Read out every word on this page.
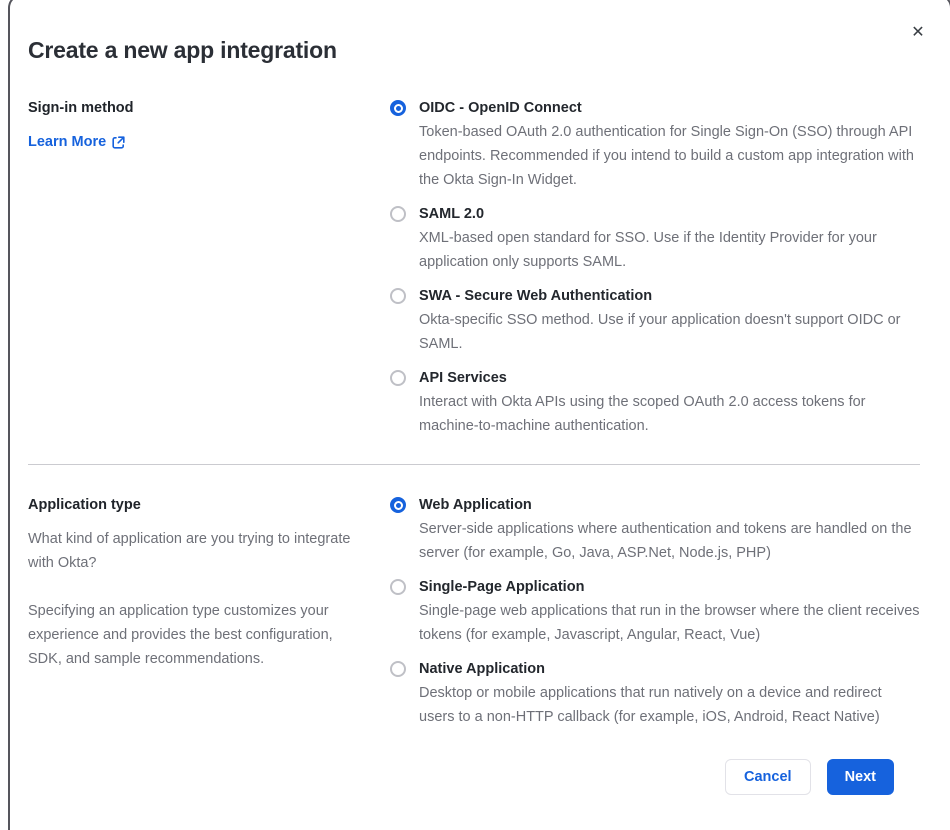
✕
Create a new app integration
Sign-in method
Learn More
OIDC - OpenID Connect
Token-based OAuth 2.0 authentication for Single Sign-On (SSO) through API endpoints. Recommended if you intend to build a custom app integration with the Okta Sign-In Widget.
SAML 2.0
XML-based open standard for SSO. Use if the Identity Provider for your application only supports SAML.
SWA - Secure Web Authentication
Okta-specific SSO method. Use if your application doesn't support OIDC or SAML.
API Services
Interact with Okta APIs using the scoped OAuth 2.0 access tokens for machine-to-machine authentication.
Application type

What kind of application are you trying to integrate with Okta?

Specifying an application type customizes your experience and provides the best configuration, SDK, and sample recommendations.

Web Application
Server-side applications where authentication and tokens are handled on the server (for example, Go, Java, ASP.Net, Node.js, PHP)
Single-Page Application
Single-page web applications that run in the browser where the client receives tokens (for example, Javascript, Angular, React, Vue)
Native Application
Desktop or mobile applications that run natively on a device and redirect users to a non-HTTP callback (for example, iOS, Android, React Native)
Cancel	Next
